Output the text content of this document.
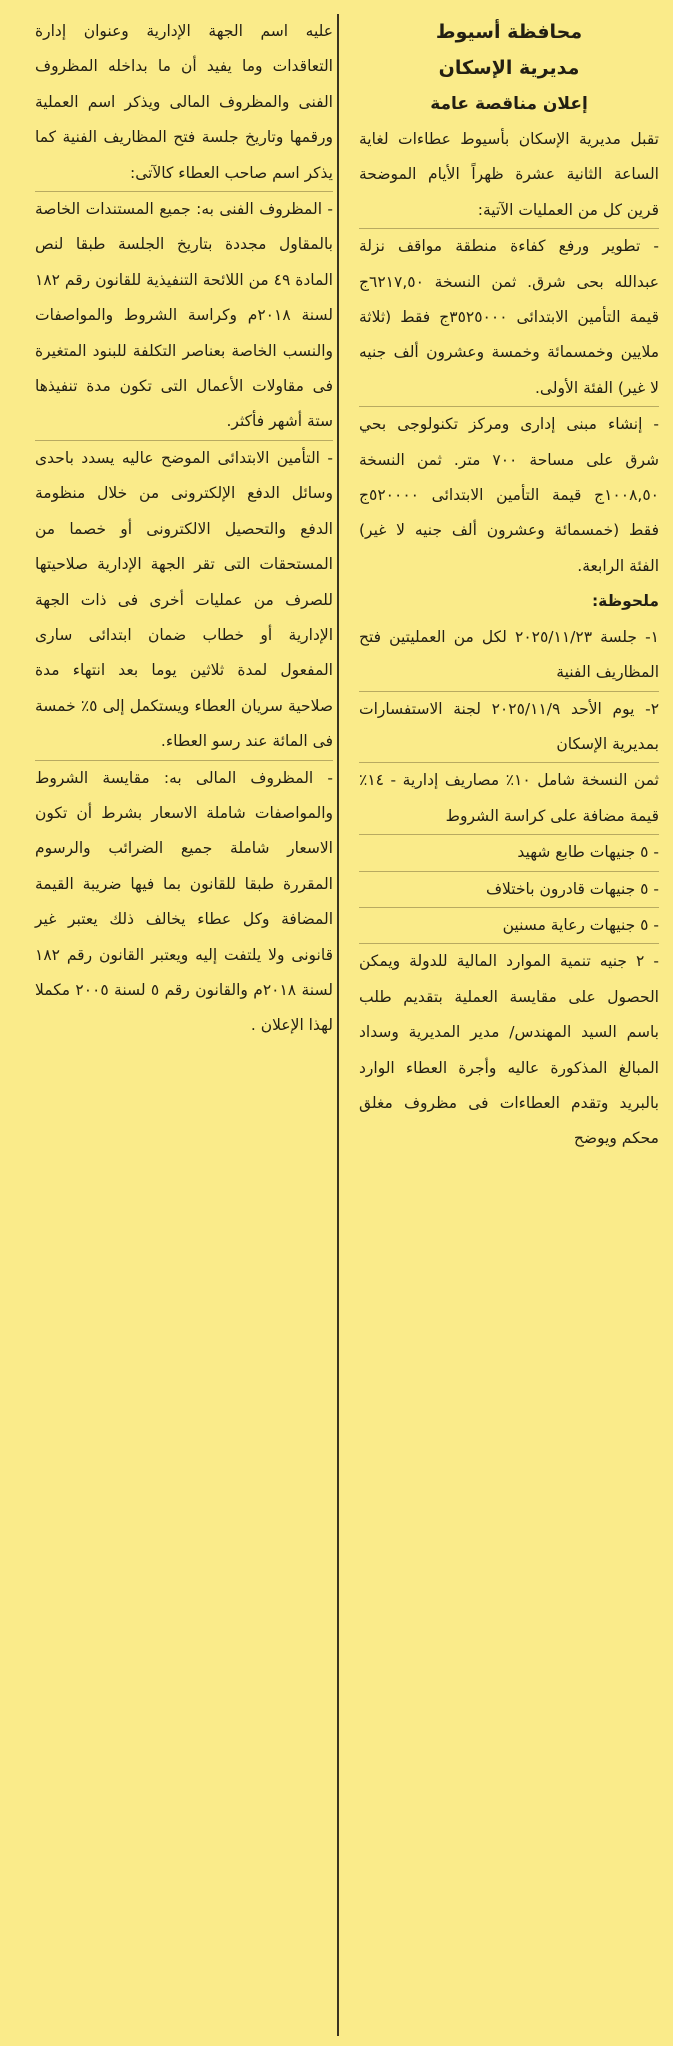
محافظة أسيوط
مديرية الإسكان
إعلان مناقصة عامة

تقبل مديرية الإسكان بأسيوط عطاءات لغاية الساعة الثانية عشرة ظهراً الأيام الموضحة قرين كل من العمليات الآتية:

- تطوير ورفع كفاءة منطقة مواقف نزلة عبدالله بحى شرق. ثمن النسخة ٦٢١٧,٥٠ج قيمة التأمين الابتدائى ٣٥٢٥٠٠٠ج فقط (ثلاثة ملايين وخمسمائة وخمسة وعشرون ألف جنيه لا غير) الفئة الأولى.

- إنشاء مبنى إدارى ومركز تكنولوجى بحي شرق على مساحة ٧٠٠ متر. ثمن النسخة ١٠٠٨,٥٠ج قيمة التأمين الابتدائى ٥٢٠٠٠٠ج فقط (خمسمائة وعشرون ألف جنيه لا غير) الفئة الرابعة.

ملحوظة:

١- جلسة ٢٠٢٥/١١/٢٣ لكل من العمليتين فتح المظاريف الفنية

٢- يوم الأحد ٢٠٢٥/١١/٩ لجنة الاستفسارات بمديرية الإسكان

ثمن النسخة شامل ١٠٪ مصاريف إدارية - ١٤٪ قيمة مضافة على كراسة الشروط

- ٥ جنيهات طابع شهيد

- ٥ جنيهات قادرون باختلاف

- ٥ جنيهات رعاية مسنين

- ٢ جنيه تنمية الموارد المالية للدولة ويمكن الحصول على مقايسة العملية بتقديم طلب باسم السيد المهندس/ مدير المديرية وسداد المبالغ المذكورة عاليه وأجرة العطاء الوارد بالبريد وتقدم العطاءات فى مظروف مغلق محكم ويوضح

عليه اسم الجهة الإدارية وعنوان إدارة التعاقدات وما يفيد أن ما بداخله المظروف الفنى والمظروف المالى ويذكر اسم العملية ورقمها وتاريخ جلسة فتح المظاريف الفنية كما يذكر اسم صاحب العطاء كالآتى:

- المظروف الفنى به: جميع المستندات الخاصة بالمقاول مجددة بتاريخ الجلسة طبقا لنص المادة ٤٩ من اللائحة التنفيذية للقانون رقم ١٨٢ لسنة ٢٠١٨م وكراسة الشروط والمواصفات والنسب الخاصة بعناصر التكلفة للبنود المتغيرة فى مقاولات الأعمال التى تكون مدة تنفيذها ستة أشهر فأكثر.

- التأمين الابتدائى الموضح عاليه يسدد باحدى وسائل الدفع الإلكترونى من خلال منظومة الدفع والتحصيل الالكترونى أو خصما من المستحقات التى تقر الجهة الإدارية صلاحيتها للصرف من عمليات أخرى فى ذات الجهة الإدارية أو خطاب ضمان ابتدائى سارى المفعول لمدة ثلاثين يوما بعد انتهاء مدة صلاحية سريان العطاء ويستكمل إلى ٥٪ خمسة فى المائة عند رسو العطاء.

- المظروف المالى به: مقايسة الشروط والمواصفات شاملة الاسعار بشرط أن تكون الاسعار شاملة جميع الضرائب والرسوم المقررة طبقا للقانون بما فيها ضريبة القيمة المضافة وكل عطاء يخالف ذلك يعتبر غير قانونى ولا يلتفت إليه ويعتبر القانون رقم ١٨٢ لسنة ٢٠١٨م والقانون رقم ٥ لسنة ٢٠٠٥ مكملا لهذا الإعلان .
